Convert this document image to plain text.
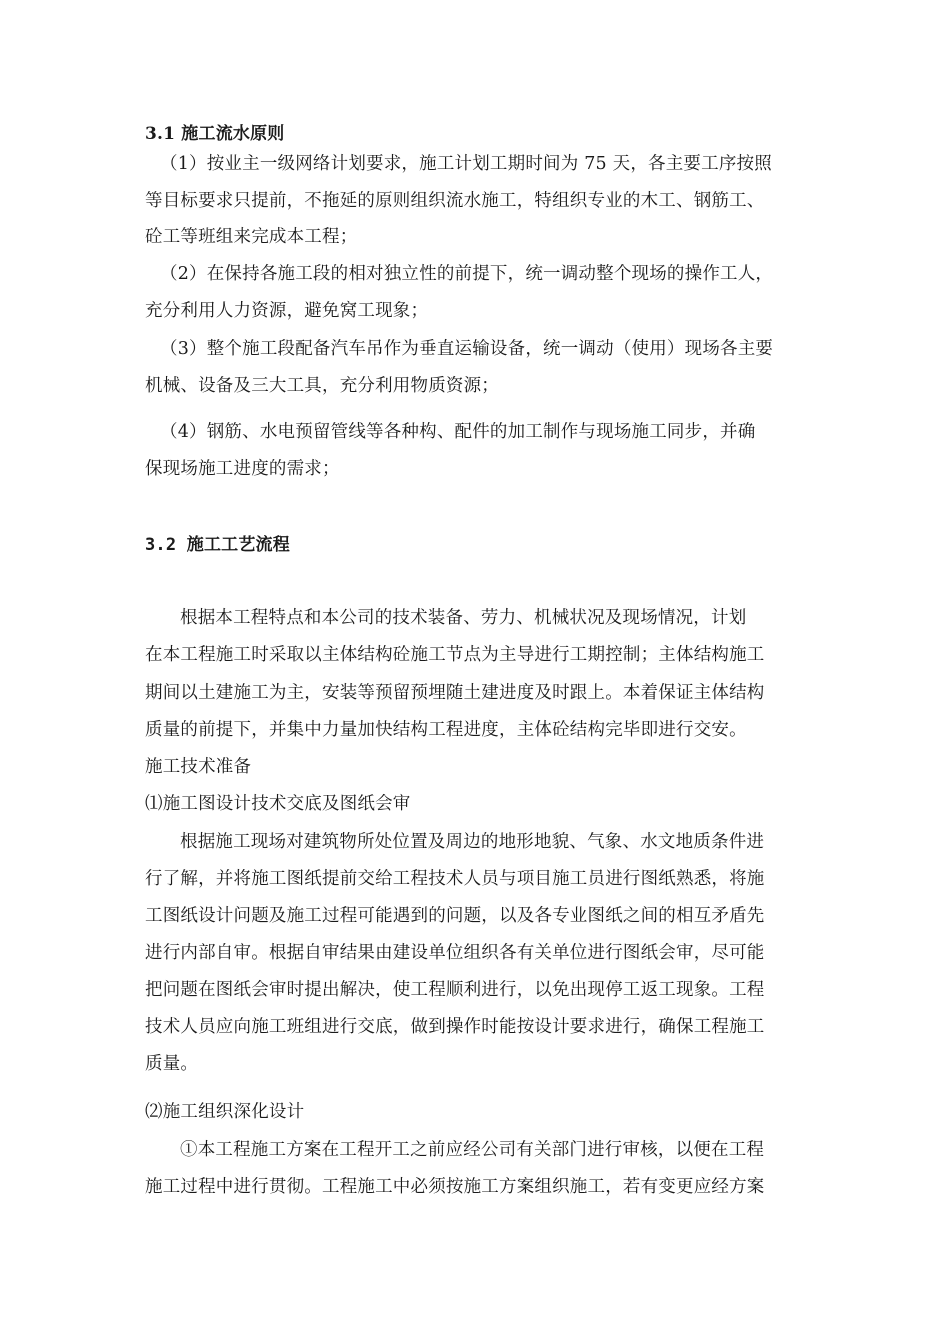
3.1 施工流水原则
（1）按业主一级网络计划要求，施工计划工期时间为 75 天，各主要工序按照
等目标要求只提前，不拖延的原则组织流水施工，特组织专业的木工、钢筋工、
砼工等班组来完成本工程；
（2）在保持各施工段的相对独立性的前提下，统一调动整个现场的操作工人，
充分利用人力资源，避免窝工现象；
（3）整个施工段配备汽车吊作为垂直运输设备，统一调动（使用）现场各主要
机械、设备及三大工具，充分利用物质资源；
（4）钢筋、水电预留管线等各种构、配件的加工制作与现场施工同步，并确
保现场施工进度的需求；
3.2 施工工艺流程
根据本工程特点和本公司的技术装备、劳力、机械状况及现场情况，计划
在本工程施工时采取以主体结构砼施工节点为主导进行工期控制；主体结构施工
期间以土建施工为主，安装等预留预埋随土建进度及时跟上。本着保证主体结构
质量的前提下，并集中力量加快结构工程进度，主体砼结构完毕即进行交安。
施工技术准备
⑴施工图设计技术交底及图纸会审
根据施工现场对建筑物所处位置及周边的地形地貌、气象、水文地质条件进
行了解，并将施工图纸提前交给工程技术人员与项目施工员进行图纸熟悉，将施
工图纸设计问题及施工过程可能遇到的问题，以及各专业图纸之间的相互矛盾先
进行内部自审。根据自审结果由建设单位组织各有关单位进行图纸会审，尽可能
把问题在图纸会审时提出解决，使工程顺利进行，以免出现停工返工现象。工程
技术人员应向施工班组进行交底，做到操作时能按设计要求进行，确保工程施工
质量。
⑵施工组织深化设计
①本工程施工方案在工程开工之前应经公司有关部门进行审核，以便在工程
施工过程中进行贯彻。工程施工中必须按施工方案组织施工，若有变更应经方案
